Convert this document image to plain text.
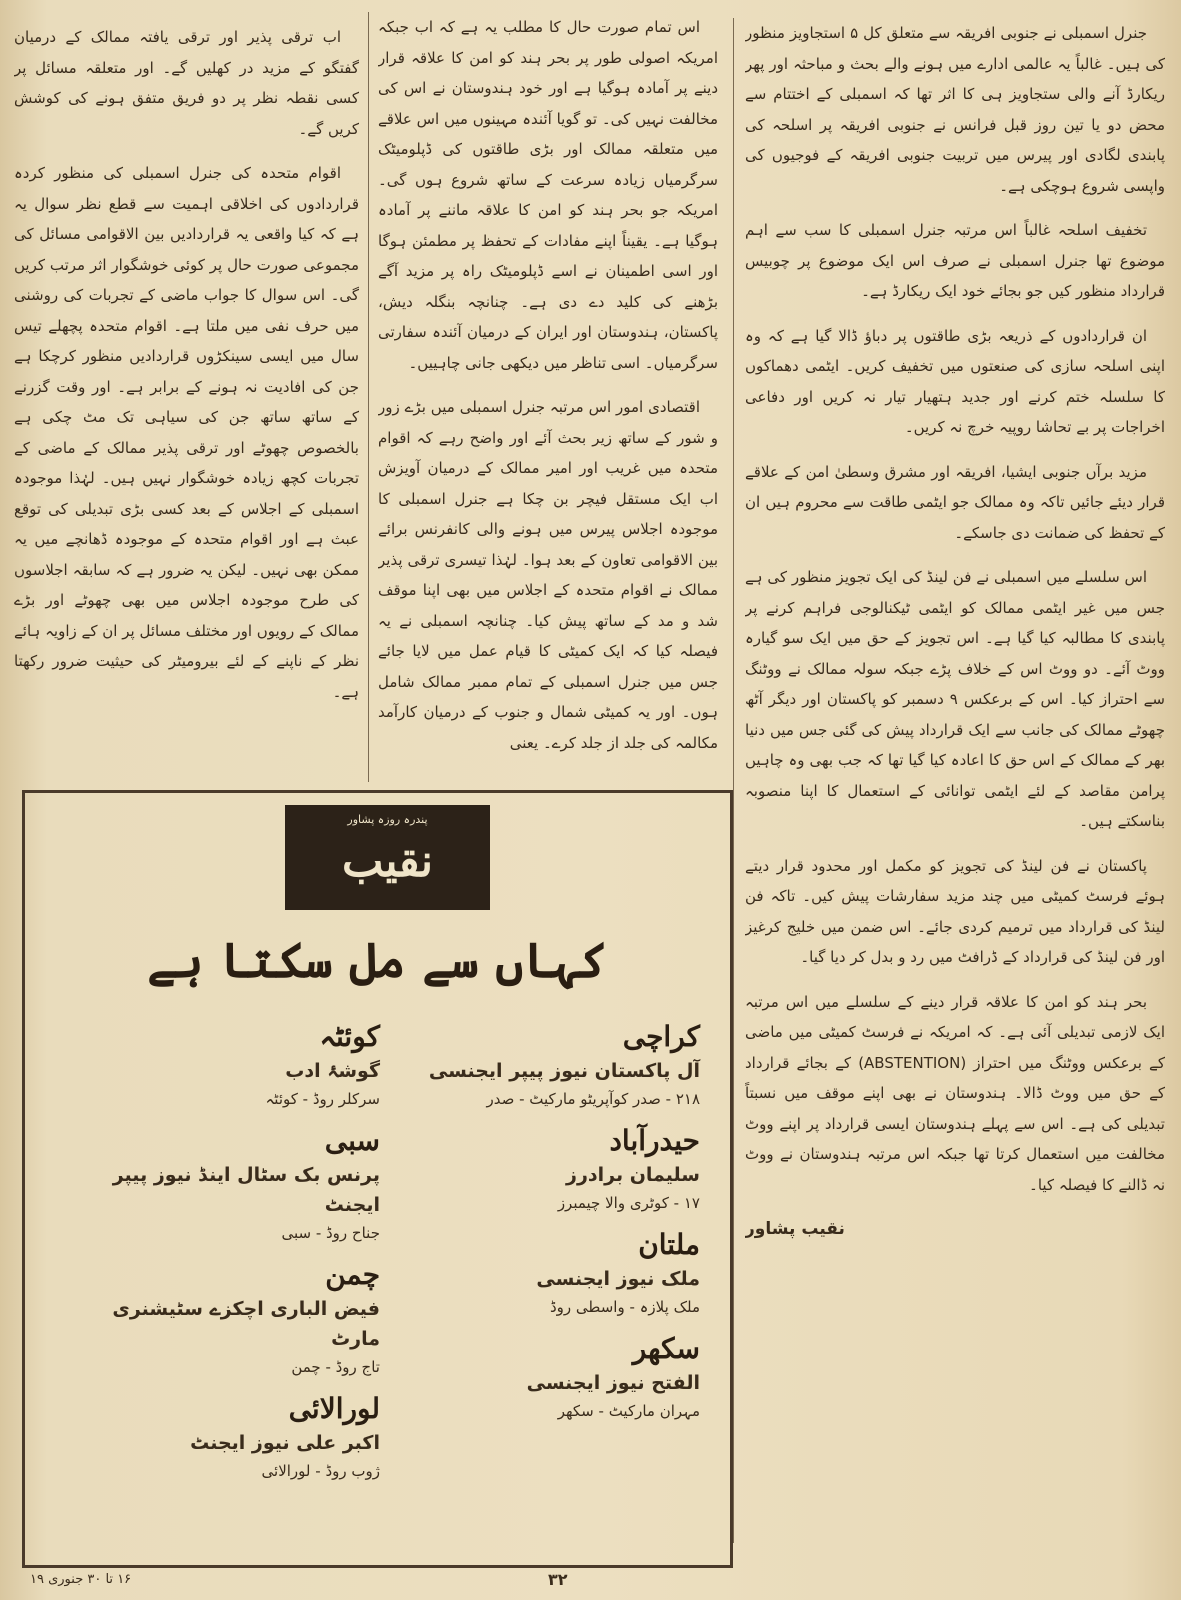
جنرل اسمبلی نے جنوبی افریقہ سے متعلق کل ۵ استجاویز منظور کی ہیں۔ غالباً یہ عالمی ادارے میں ہونے والے بحث و مباحثہ اور پھر ریکارڈ آنے والی ستجاویز ہی کا اثر تھا کہ اسمبلی کے اختتام سے محض دو یا تین روز قبل فرانس نے جنوبی افریقہ پر اسلحہ کی پابندی لگادی اور پیرس میں تربیت جنوبی افریقہ کے فوجیوں کی واپسی شروع ہوچکی ہے۔

تخفیف اسلحہ غالباً اس مرتبہ جنرل اسمبلی کا سب سے اہم موضوع تھا جنرل اسمبلی نے صرف اس ایک موضوع پر چوبیس قرارداد منظور کیں جو بجائے خود ایک ریکارڈ ہے۔

ان قراردادوں کے ذریعہ بڑی طاقتوں پر دباؤ ڈالا گیا ہے کہ وہ اپنی اسلحہ سازی کی صنعتوں میں تخفیف کریں۔ ایٹمی دھماکوں کا سلسلہ ختم کرنے اور جدید ہتھیار تیار نہ کریں اور دفاعی اخراجات پر بے تحاشا روپیہ خرچ نہ کریں۔

مزید برآں جنوبی ایشیا، افریقہ اور مشرق وسطیٰ امن کے علاقے قرار دیئے جائیں تاکہ وہ ممالک جو ایٹمی طاقت سے محروم ہیں ان کے تحفظ کی ضمانت دی جاسکے۔

اس سلسلے میں اسمبلی نے فن لینڈ کی ایک تجویز منظور کی ہے جس میں غیر ایٹمی ممالک کو ایٹمی ٹیکنالوجی فراہم کرنے پر پابندی کا مطالبہ کیا گیا ہے۔ اس تجویز کے حق میں ایک سو گیارہ ووٹ آئے۔ دو ووٹ اس کے خلاف پڑے جبکہ سولہ ممالک نے ووٹنگ سے احتراز کیا۔ اس کے برعکس ۹ دسمبر کو پاکستان اور دیگر آٹھ چھوٹے ممالک کی جانب سے ایک قرارداد پیش کی گئی جس میں دنیا بھر کے ممالک کے اس حق کا اعادہ کیا گیا تھا کہ جب بھی وہ چاہیں پرامن مقاصد کے لئے ایٹمی توانائی کے استعمال کا اپنا منصوبہ بناسکتے ہیں۔

پاکستان نے فن لینڈ کی تجویز کو مکمل اور محدود قرار دیتے ہوئے فرسٹ کمیٹی میں چند مزید سفارشات پیش کیں۔ تاکہ فن لینڈ کی قرارداد میں ترمیم کردی جائے۔ اس ضمن میں خلیج کرغیز اور فن لینڈ کی قرارداد کے ڈرافٹ میں رد و بدل کر دیا گیا۔

بحر ہند کو امن کا علاقہ قرار دینے کے سلسلے میں اس مرتبہ ایک لازمی تبدیلی آئی ہے۔ کہ امریکہ نے فرسٹ کمیٹی میں ماضی کے برعکس ووٹنگ میں احتراز (ABSTENTION) کے بجائے قرارداد کے حق میں ووٹ ڈالا۔ ہندوستان نے بھی اپنے موقف میں نسبتاً تبدیلی کی ہے۔ اس سے پہلے ہندوستان ایسی قرارداد پر اپنے ووٹ مخالفت میں استعمال کرتا تھا جبکہ اس مرتبہ ہندوستان نے ووٹ نہ ڈالنے کا فیصلہ کیا۔

نقیب پشاور

اس تمام صورت حال کا مطلب یہ ہے کہ اب جبکہ امریکہ اصولی طور پر بحر ہند کو امن کا علاقہ قرار دینے پر آمادہ ہوگیا ہے اور خود ہندوستان نے اس کی مخالفت نہیں کی۔ تو گویا آئندہ مہینوں میں اس علاقے میں متعلقہ ممالک اور بڑی طاقتوں کی ڈپلومیٹک سرگرمیاں زیادہ سرعت کے ساتھ شروع ہوں گی۔ امریکہ جو بحر ہند کو امن کا علاقہ ماننے پر آمادہ ہوگیا ہے۔ یقیناً اپنے مفادات کے تحفظ پر مطمئن ہوگا اور اسی اطمینان نے اسے ڈپلومیٹک راہ پر مزید آگے بڑھنے کی کلید دے دی ہے۔ چنانچہ بنگلہ دیش، پاکستان، ہندوستان اور ایران کے درمیان آئندہ سفارتی سرگرمیاں۔ اسی تناظر میں دیکھی جانی چاہییں۔

اقتصادی امور اس مرتبہ جنرل اسمبلی میں بڑے زور و شور کے ساتھ زیر بحث آئے اور واضح رہے کہ اقوام متحدہ میں غریب اور امیر ممالک کے درمیان آویزش اب ایک مستقل فیچر بن چکا ہے جنرل اسمبلی کا موجودہ اجلاس پیرس میں ہونے والی کانفرنس برائے بین الاقوامی تعاون کے بعد ہوا۔ لہٰذا تیسری ترقی پذیر ممالک نے اقوام متحدہ کے اجلاس میں بھی اپنا موقف شد و مد کے ساتھ پیش کیا۔ چنانچہ اسمبلی نے یہ فیصلہ کیا کہ ایک کمیٹی کا قیام عمل میں لایا جائے جس میں جنرل اسمبلی کے تمام ممبر ممالک شامل ہوں۔ اور یہ کمیٹی شمال و جنوب کے درمیان کارآمد مکالمہ کی جلد از جلد کرے۔ یعنی

اب ترقی پذیر اور ترقی یافتہ ممالک کے درمیان گفتگو کے مزید در کھلیں گے۔ اور متعلقہ مسائل پر کسی نقطہ نظر پر دو فریق متفق ہونے کی کوشش کریں گے۔

اقوام متحدہ کی جنرل اسمبلی کی منظور کردہ قراردادوں کی اخلاقی اہمیت سے قطع نظر سوال یہ ہے کہ کیا واقعی یہ قراردادیں بین الاقوامی مسائل کی مجموعی صورت حال پر کوئی خوشگوار اثر مرتب کریں گی۔ اس سوال کا جواب ماضی کے تجربات کی روشنی میں حرف نفی میں ملتا ہے۔ اقوام متحدہ پچھلے تیس سال میں ایسی سینکڑوں قراردادیں منظور کرچکا ہے جن کی افادیت نہ ہونے کے برابر ہے۔ اور وقت گزرنے کے ساتھ ساتھ جن کی سیاہی تک مٹ چکی ہے بالخصوص چھوٹے اور ترقی پذیر ممالک کے ماضی کے تجربات کچھ زیادہ خوشگوار نہیں ہیں۔ لہٰذا موجودہ اسمبلی کے اجلاس کے بعد کسی بڑی تبدیلی کی توقع عبث ہے اور اقوام متحدہ کے موجودہ ڈھانچے میں یہ ممکن بھی نہیں۔ لیکن یہ ضرور ہے کہ سابقہ اجلاسوں کی طرح موجودہ اجلاس میں بھی چھوٹے اور بڑے ممالک کے رویوں اور مختلف مسائل پر ان کے زاویہ ہائے نظر کے ناپنے کے لئے بیرومیٹر کی حیثیت ضرور رکھتا ہے۔

پندرہ روزہ پشاور
نقیب
کہاں سے مل سکتا ہے
کراچی
آل پاکستان نیوز پیپر ایجنسی
۲۱۸ - صدر کوآپریٹو مارکیٹ - صدر
حیدرآباد
سلیمان برادرز
۱۷ - کوٹری والا چیمبرز
ملتان
ملک نیوز ایجنسی
ملک پلازہ - واسطی روڈ
سکھر
الفتح نیوز ایجنسی
مہران مارکیٹ - سکھر
کوئٹہ
گوشۂ ادب
سرکلر روڈ - کوئٹہ
سبی
پرنس بک سٹال اینڈ نیوز پیپر ایجنٹ
جناح روڈ - سبی
چمن
فیض الباری اچکزے سٹیشنری مارٹ
تاج روڈ - چمن
لورالائی
اکبر علی نیوز ایجنٹ
ژوب روڈ - لورالائی
۱۶ تا ۳۰ جنوری ۱۹	۳۲
